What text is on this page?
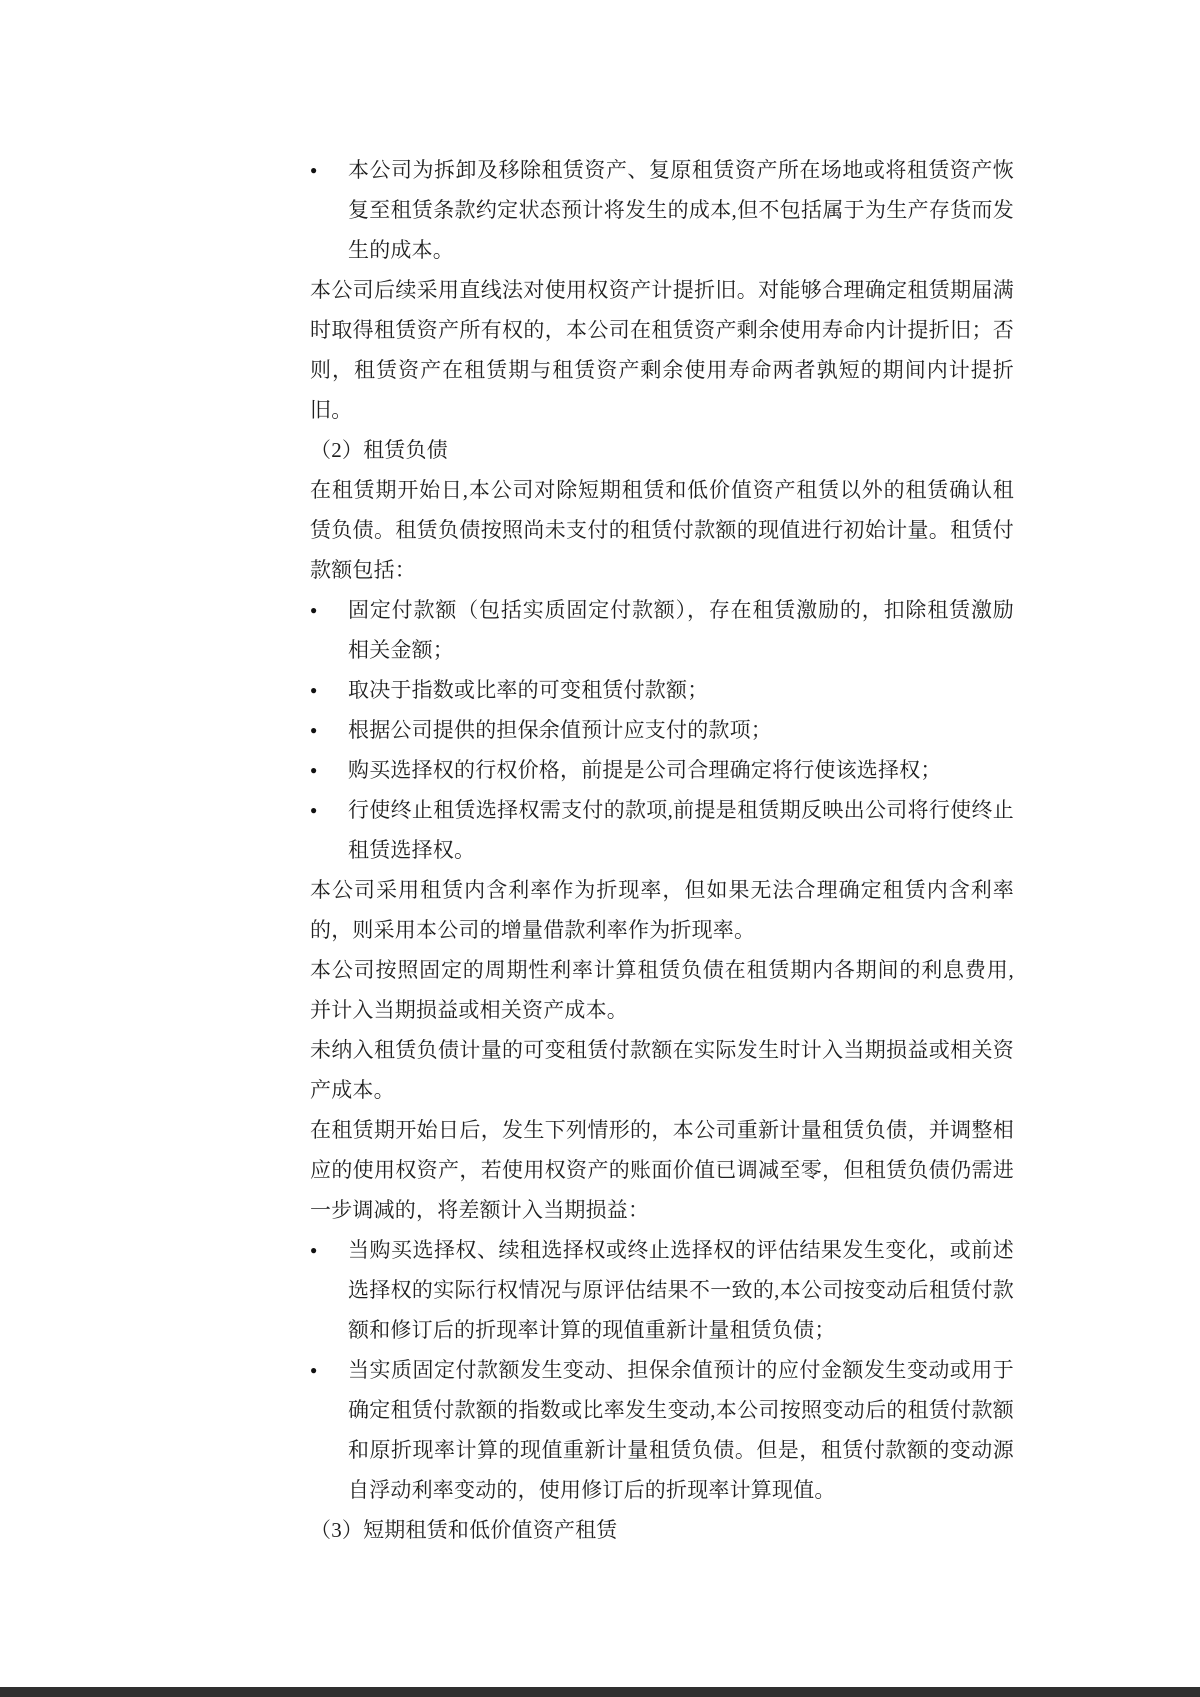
●	本公司为拆卸及移除租赁资产、复原租赁资产所在场地或将租赁资产恢复至租赁条款约定状态预计将发生的成本,但不包括属于为生产存货而发生的成本。

本公司后续采用直线法对使用权资产计提折旧。对能够合理确定租赁期届满时取得租赁资产所有权的，本公司在租赁资产剩余使用寿命内计提折旧；否则，租赁资产在租赁期与租赁资产剩余使用寿命两者孰短的期间内计提折旧。

（2）租赁负债

在租赁期开始日,本公司对除短期租赁和低价值资产租赁以外的租赁确认租赁负债。租赁负债按照尚未支付的租赁付款额的现值进行初始计量。租赁付款额包括：

●	固定付款额（包括实质固定付款额），存在租赁激励的，扣除租赁激励相关金额；

●	取决于指数或比率的可变租赁付款额；

●	根据公司提供的担保余值预计应支付的款项；

●	购买选择权的行权价格，前提是公司合理确定将行使该选择权；

●	行使终止租赁选择权需支付的款项,前提是租赁期反映出公司将行使终止租赁选择权。

本公司采用租赁内含利率作为折现率，但如果无法合理确定租赁内含利率的，则采用本公司的增量借款利率作为折现率。

本公司按照固定的周期性利率计算租赁负债在租赁期内各期间的利息费用,并计入当期损益或相关资产成本。

未纳入租赁负债计量的可变租赁付款额在实际发生时计入当期损益或相关资产成本。

在租赁期开始日后，发生下列情形的，本公司重新计量租赁负债，并调整相应的使用权资产，若使用权资产的账面价值已调减至零，但租赁负债仍需进一步调减的，将差额计入当期损益：

●	当购买选择权、续租选择权或终止选择权的评估结果发生变化，或前述选择权的实际行权情况与原评估结果不一致的,本公司按变动后租赁付款额和修订后的折现率计算的现值重新计量租赁负债；

●	当实质固定付款额发生变动、担保余值预计的应付金额发生变动或用于确定租赁付款额的指数或比率发生变动,本公司按照变动后的租赁付款额和原折现率计算的现值重新计量租赁负债。但是，租赁付款额的变动源自浮动利率变动的，使用修订后的折现率计算现值。

（3）短期租赁和低价值资产租赁
